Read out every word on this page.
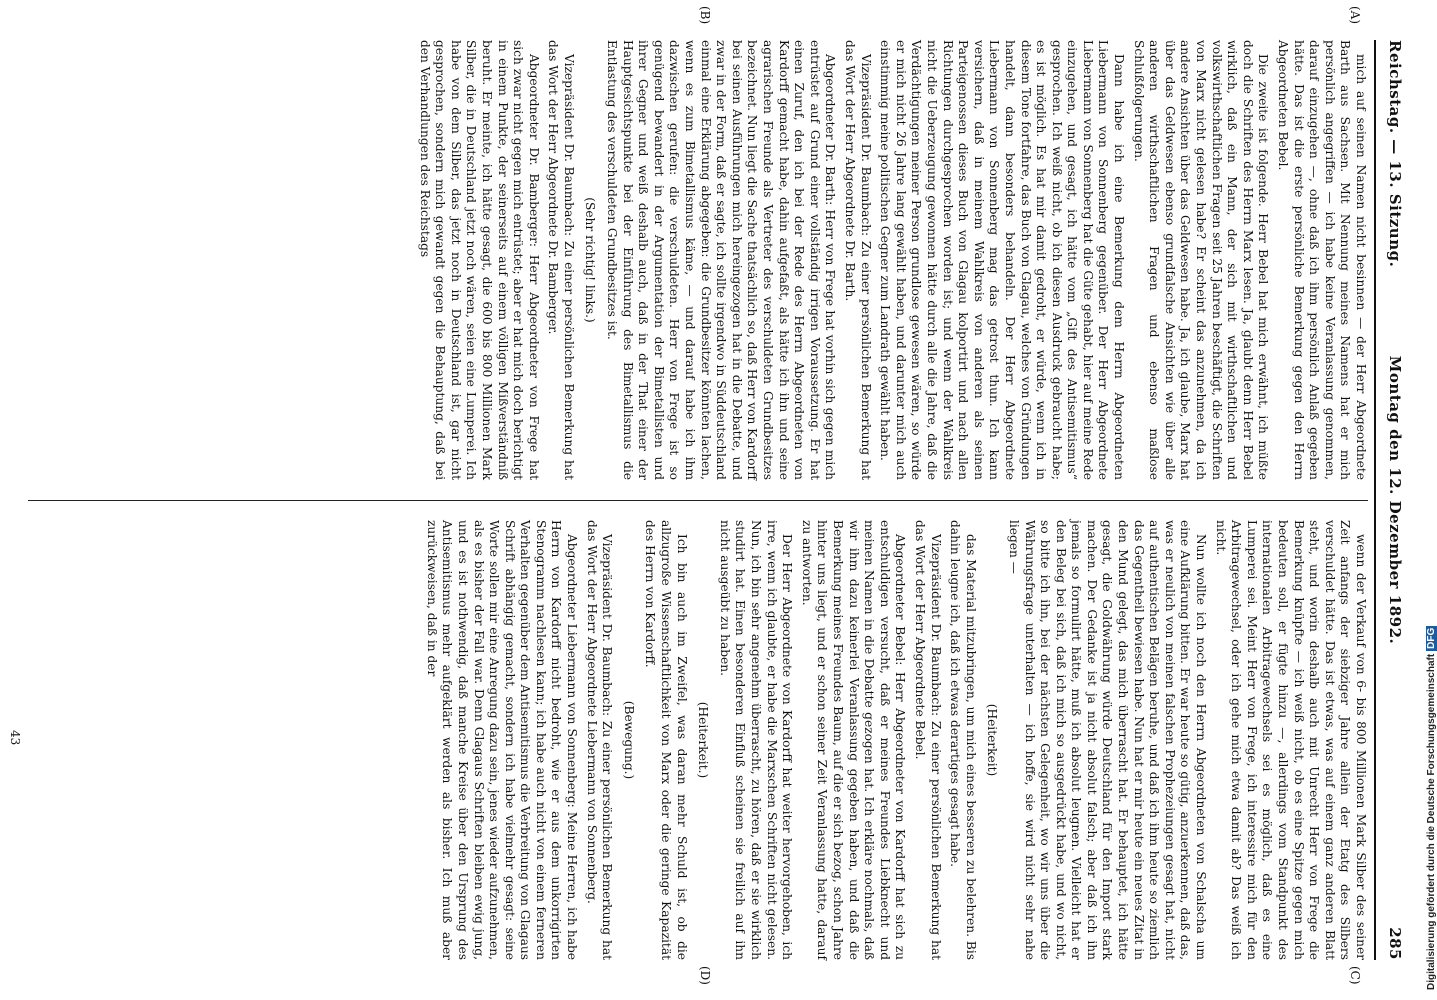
Reichstag. — 13. Sitzung.
Montag den 12. Dezember 1892.
285
(A)
(B)
(C)
(D)

mich auf seinen Namen nicht besinnen — der Herr Abgeordnete Barth aus Sachsen. Mit Nennung meines Namens hat er mich persönlich angegriffen — ich habe keine Veranlassung genommen, darauf einzugehen —, ohne daß ich ihm persönlich Anlaß gegeben hätte. Das ist die erste persönliche Bemerkung gegen den Herrn Abgeordneten Bebel.

Die zweite ist folgende. Herr Bebel hat mich erwähnt, ich müßte doch die Schriften des Herrn Marx lesen. Ja, glaubt denn Herr Bebel wirklich, daß ein Mann, der sich mit wirthschaftlichen und volkswirthschaftlichen Fragen seit 25 Jahren beschäftigt, die Schriften von Marx nicht gelesen habe? Er scheint das anzunehmen, da ich andere Ansichten über das Geldwesen habe. Ja, ich glaube, Marx hat über das Geldwesen ebenso grundfalsche Ansichten wie über alle anderen wirthschaftlichen Fragen und ebenso maßlose Schlußfolgerungen.

Dann habe ich eine Bemerkung dem Herrn Abgeordneten Liebermann von Sonnenberg gegenüber. Der Herr Abgeordnete Liebermann von Sonnenberg hat die Güte gehabt, hier auf meine Rede einzugehen, und gesagt, ich hätte vom „Gift des Antisemitismus“ gesprochen. Ich weiß nicht, ob ich diesen Ausdruck gebraucht habe; es ist möglich. Es hat mir damit gedroht, er würde, wenn ich in diesem Tone fortfahre, das Buch von Glagau, welches von Gründungen handelt, dann besonders behandeln. Der Herr Abgeordnete Liebermann von Sonnenberg mag das getrost thun. Ich kann versichern, daß in meinem Wahlkreis von anderen als seinen Parteigenossen dieses Buch von Glagau kolportirt und nach allen Richtungen durchgesprochen worden ist; und wenn der Wahlkreis nicht die Ueberzeugung gewonnen hätte durch alle die Jahre, daß die Verdächtigungen meiner Person grundlose gewesen wären, so würde er mich nicht 26 Jahre lang gewählt haben, und darunter mich auch einstimmig meine politischen Gegner zum Landrath gewählt haben.

Vizepräsident Dr. Baumbach: Zu einer persönlichen Bemerkung hat das Wort der Herr Abgeordnete Dr. Barth.

Abgeordneter Dr. Barth: Herr von Frege hat vorhin sich gegen mich entrüstet auf Grund einer vollständig irrigen Voraussetzung. Er hat einen Zuruf, den ich bei der Rede des Herrn Abgeordneten von Kardorff gemacht habe, dahin aufgefaßt, als hätte ich ihn und seine agrarischen Freunde als Vertreter des verschuldeten Grundbesitzes bezeichnet. Nun liegt die Sache thatsächlich so, daß Herr von Kardorff bei seinen Ausführungen mich hereingezogen hat in die Debatte, und zwar in der Form, daß er sagte, ich sollte irgendwo in Süddeutschland einmal eine Erklärung abgegeben: die Grundbesitzer könnten lachen, wenn es zum Bimetallismus käme, — und darauf habe ich ihm dazwischen gerufen: die verschuldeten. Herr von Frege ist so genügend bewandert in der Argumentation der Bimetallisten und ihrer Gegner und weiß deshalb auch, daß in der That einer der Hauptgesichtspunkte bei der Einführung des Bimetallismus die Entlastung des verschuldeten Grundbesitzes ist.

(Sehr richtig! links.)

Vizepräsident Dr. Baumbach: Zu einer persönlichen Bemerkung hat das Wort der Herr Abgeordnete Dr. Bamberger.

Abgeordneter Dr. Bamberger: Herr Abgeordneter von Frege hat sich zwar nicht gegen mich entrüstet; aber er hat mich doch berichtigt in einem Punkte, der seinerseits auf einem völligen Mißverständniß beruht. Er meinte, ich hätte gesagt, die 600 bis 800 Millionen Mark Silber, die in Deutschland jetzt noch wären, seien eine Lumperei. Ich habe von dem Silber, das jetzt noch in Deutschland ist, gar nicht gesprochen, sondern mich gewandt gegen die Behauptung, daß bei den Verhandlungen des Reichstags

wenn der Verkauf von 6- bis 800 Millionen Mark Silber des seiner Zeit anfangs der siebziger Jahre allein der Etatg des Silbers verschuldet hätte. Das ist etwas, was auf einem ganz anderen Blatt steht, und worin deshalb auch mit Unrecht Herr von Frege die Bemerkung knüpfte — ich weiß nicht, ob es eine Spitze gegen mich bedeuten soll, er fügte hinzu —, allerdings vom Standpunkt des internationalen Arbitragewechsels sei es möglich, daß es eine Lumperei sei. Meint Herr von Frege, ich interessire mich für den Arbitragewechsel, oder ich gehe mich etwa damit ab? Das weiß ich nicht.

Nun wollte ich noch den Herrn Abgeordneten von Schalscha um eine Aufklärung bitten. Er war heute so gütig, anzuerkennen, daß das, was er neulich von meinen falschen Prophezeiungen gesagt hat, nicht auf authentischen Belägen beruhe, und daß ich ihm heute so ziemlich das Gegentheil bewiesen habe. Nun hat er mir heute ein neues Zitat in den Mund gelegt, das mich überrascht hat. Er behauptet, ich hätte gesagt, die Goldwährung würde Deutschland für den Import stark machen. Der Gedanke ist ja nicht absolut falsch; aber daß ich ihn jemals so formulirt hätte, muß ich absolut leugnen. Vielleicht hat er den Beleg bei sich, daß ich mich so ausgedrückt habe, und wo nicht, so bitte ich ihn, bei der nächsten Gelegenheit, wo wir uns über die Währungsfrage unterhalten — ich hoffe, sie wird nicht sehr nahe liegen —

(Heiterkeit)

das Material mitzubringen, um mich eines besseren zu belehren. Bis dahin leugne ich, daß ich etwas derartiges gesagt habe.

Vizepräsident Dr. Baumbach: Zu einer persönlichen Bemerkung hat das Wort der Herr Abgeordnete Bebel.

Abgeordneter Bebel: Herr Abgeordneter von Kardorff hat sich zu entschuldigen versucht, daß er meines Freundes Liebknecht und meinen Namen in die Debatte gezogen hat. Ich erkläre nochmals, daß wir ihm dazu keinerlei Veranlassung gegeben haben, und daß die Bemerkung meines Freundes Baum, auf die er sich bezog, schon Jahre hinter uns liegt, und er schon seiner Zeit Veranlassung hatte, darauf zu antworten.

Der Herr Abgeordnete von Kardorff hat weiter hervorgehoben, ich irre, wenn ich glaubte, er habe die Marxschen Schriften nicht gelesen. Nun, ich bin sehr angenehm überrascht, zu hören, daß er sie wirklich studirt hat. Einen besonderen Einfluß scheinen sie freilich auf ihn nicht ausgeübt zu haben.

(Heiterkeit.)

Ich bin auch im Zweifel, was daran mehr Schuld ist, ob die allzugroße Wissenschaftlichkeit von Marx oder die geringe Kapazität des Herrn von Kardorff.

(Bewegung.)

Vizepräsident Dr. Baumbach: Zu einer persönlichen Bemerkung hat das Wort der Herr Abgeordnete Liebermann von Sonnenberg.

Abgeordneter Liebermann von Sonnenberg: Meine Herren, ich habe Herrn von Kardorff nicht bedroht, wie er aus dem unkorrigirten Stenogramm nachlesen kann; ich habe auch nicht von einem ferneren Verhalten gegenüber dem Antisemitismus die Verbreitung von Glagaus Schrift abhängig gemacht, sondern ich habe vielmehr gesagt: seine Worte sollen mir eine Anregung dazu sein, jenes wieder aufzunehmen, als es bisher der Fall war. Denn Glagaus Schriften bleiben ewig jung, und es ist nothwendig, daß manche Kreise über den Ursprung des Antisemitismus mehr aufgeklärt werden als bisher. Ich muß aber zurückweisen, daß in der

43	Digitalisierung gefördert durch die Deutsche ForschungsgemeinschaftDFG
